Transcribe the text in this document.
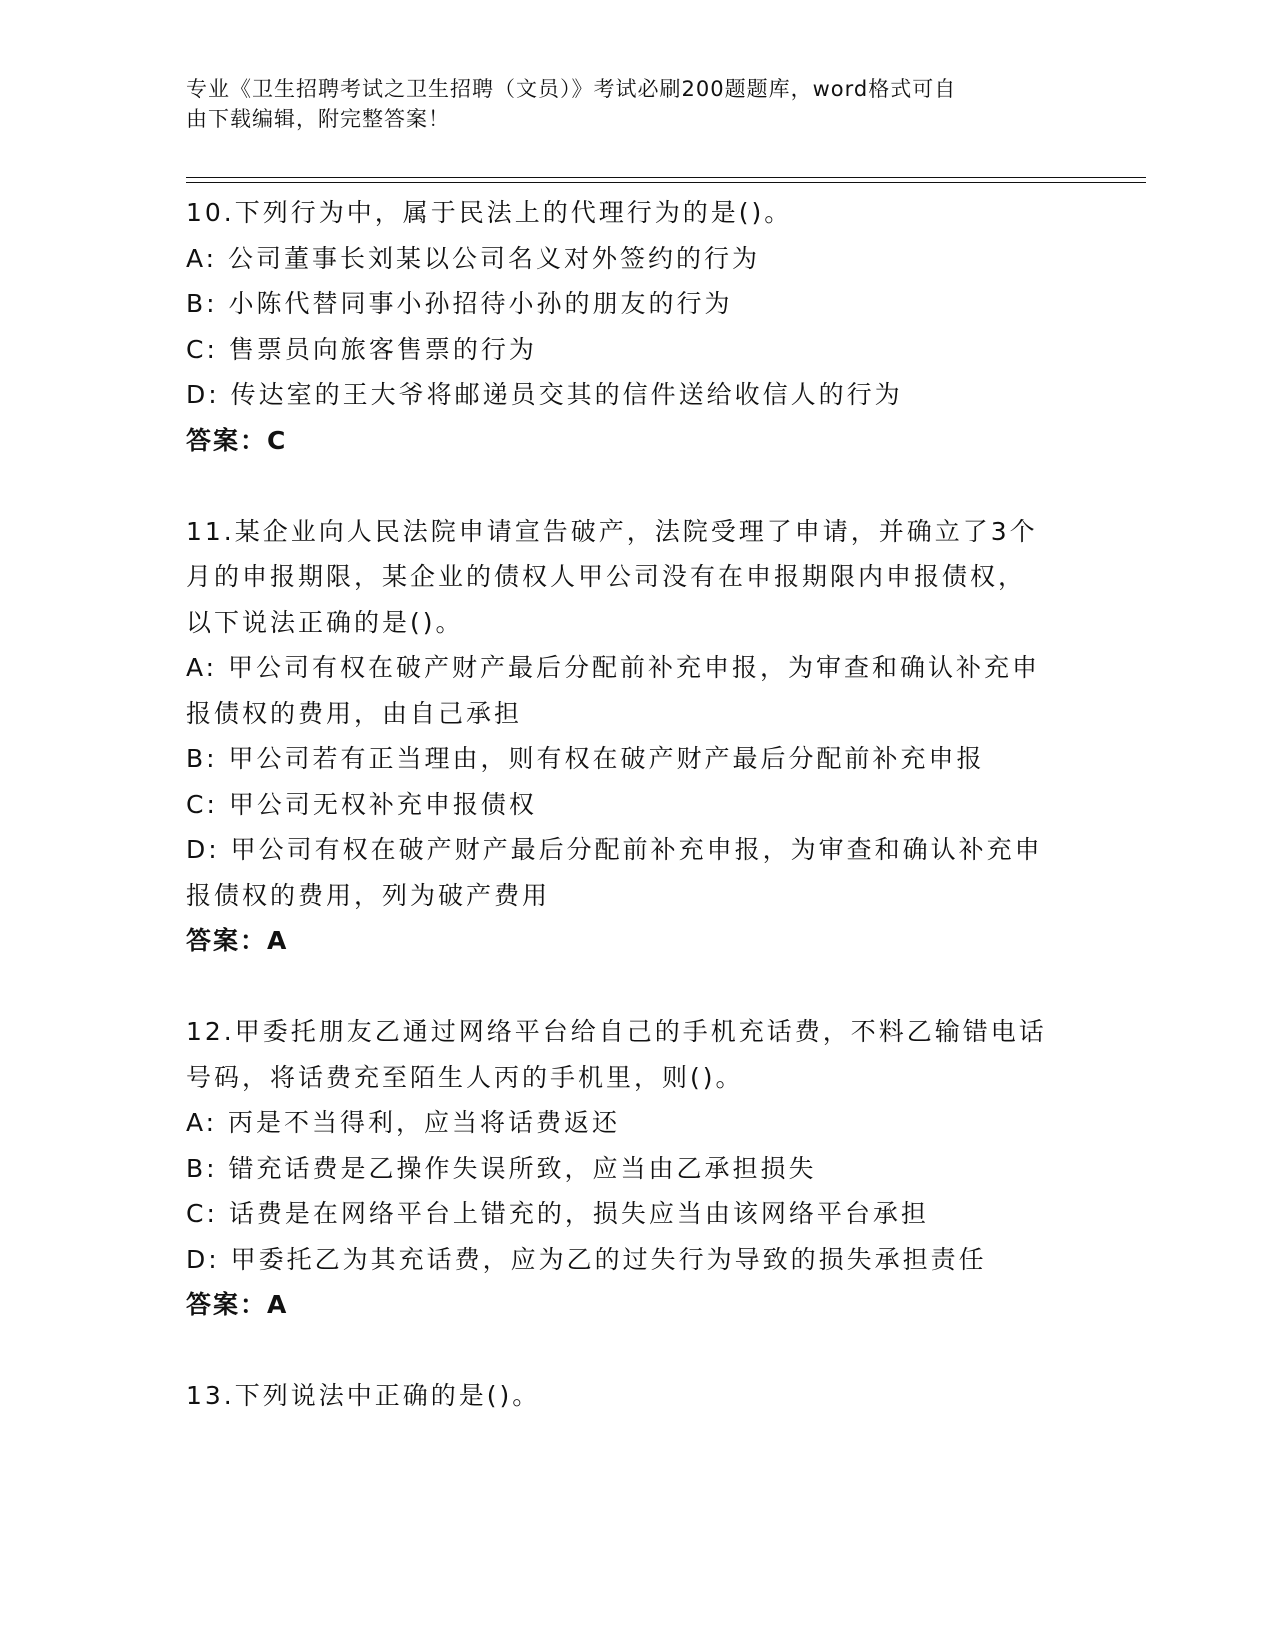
专业《卫生招聘考试之卫生招聘（文员）》考试必刷200题题库，word格式可自

由下载编辑，附完整答案！

10.下列行为中，属于民法上的代理行为的是()。

A: 公司董事长刘某以公司名义对外签约的行为

B: 小陈代替同事小孙招待小孙的朋友的行为

C: 售票员向旅客售票的行为

D: 传达室的王大爷将邮递员交其的信件送给收信人的行为

答案：C

11.某企业向人民法院申请宣告破产，法院受理了申请，并确立了3个

月的申报期限，某企业的债权人甲公司没有在申报期限内申报债权，

以下说法正确的是()。

A: 甲公司有权在破产财产最后分配前补充申报，为审查和确认补充申

报债权的费用，由自己承担

B: 甲公司若有正当理由，则有权在破产财产最后分配前补充申报

C: 甲公司无权补充申报债权

D: 甲公司有权在破产财产最后分配前补充申报，为审查和确认补充申

报债权的费用，列为破产费用

答案：A

12.甲委托朋友乙通过网络平台给自己的手机充话费，不料乙输错电话

号码，将话费充至陌生人丙的手机里，则()。

A: 丙是不当得利，应当将话费返还

B: 错充话费是乙操作失误所致，应当由乙承担损失

C: 话费是在网络平台上错充的，损失应当由该网络平台承担

D: 甲委托乙为其充话费，应为乙的过失行为导致的损失承担责任

答案：A

13.下列说法中正确的是()。
